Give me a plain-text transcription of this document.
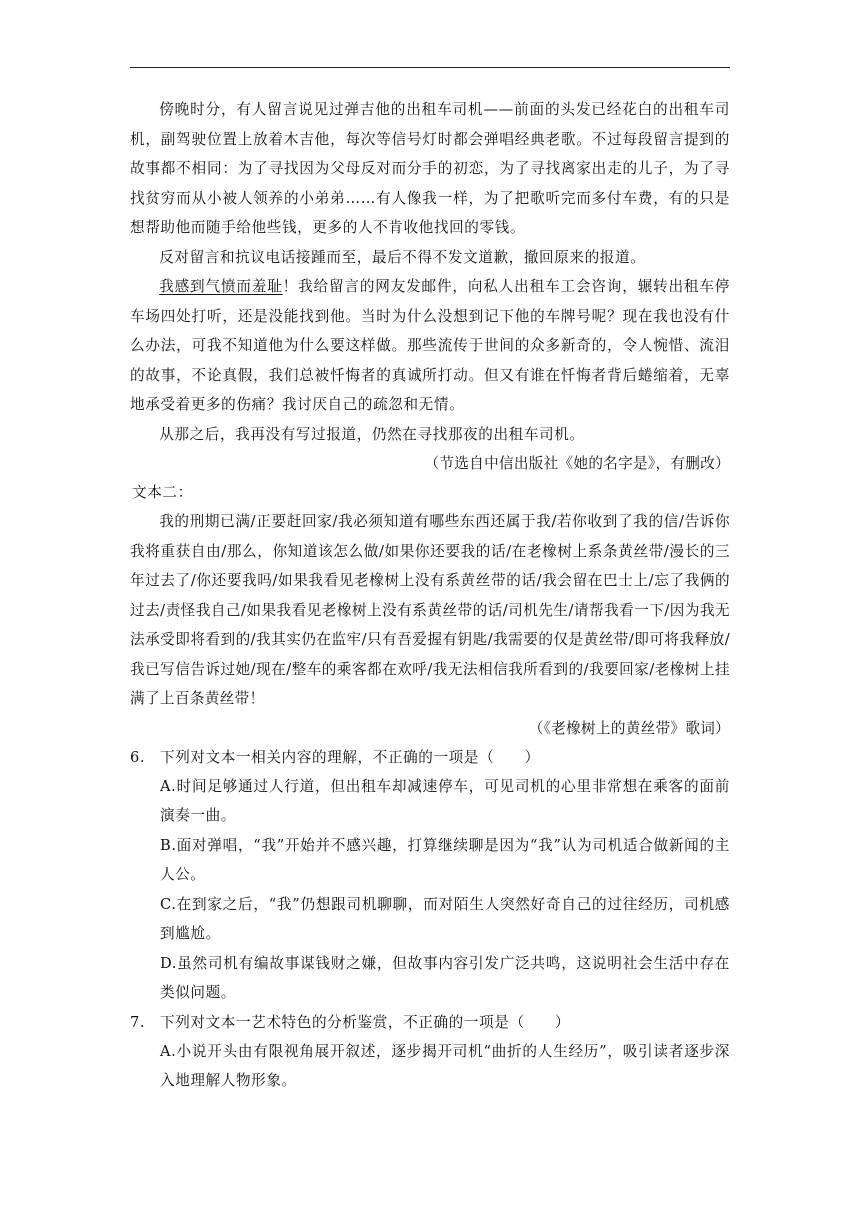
傍晚时分，有人留言说见过弹吉他的出租车司机——前面的头发已经花白的出租车司机，副驾驶位置上放着木吉他，每次等信号灯时都会弹唱经典老歌。不过每段留言提到的故事都不相同：为了寻找因为父母反对而分手的初恋，为了寻找离家出走的儿子，为了寻找贫穷而从小被人领养的小弟弟……有人像我一样，为了把歌听完而多付车费，有的只是想帮助他而随手给他些钱，更多的人不肯收他找回的零钱。

反对留言和抗议电话接踵而至，最后不得不发文道歉，撤回原来的报道。

我感到气愤而羞耻！我给留言的网友发邮件，向私人出租车工会咨询，辗转出租车停车场四处打听，还是没能找到他。当时为什么没想到记下他的车牌号呢？现在我也没有什么办法，可我不知道他为什么要这样做。那些流传于世间的众多新奇的，令人惋惜、流泪的故事，不论真假，我们总被忏悔者的真诚所打动。但又有谁在忏悔者背后蜷缩着，无辜地承受着更多的伤痛？我讨厌自己的疏忽和无情。

从那之后，我再没有写过报道，仍然在寻找那夜的出租车司机。

（节选自中信出版社《她的名字是》，有删改）

文本二：

我的刑期已满/正要赶回家/我必须知道有哪些东西还属于我/若你收到了我的信/告诉你我将重获自由/那么，你知道该怎么做/如果你还要我的话/在老橡树上系条黄丝带/漫长的三年过去了/你还要我吗/如果我看见老橡树上没有系黄丝带的话/我会留在巴士上/忘了我俩的过去/责怪我自己/如果我看见老橡树上没有系黄丝带的话/司机先生/请帮我看一下/因为我无法承受即将看到的/我其实仍在监牢/只有吾爱握有钥匙/我需要的仅是黄丝带/即可将我释放/我已写信告诉过她/现在/整车的乘客都在欢呼/我无法相信我所看到的/我要回家/老橡树上挂满了上百条黄丝带！

（《老橡树上的黄丝带》歌词）

6.	下列对文本一相关内容的理解，不正确的一项是（　　）

A.时间足够通过人行道，但出租车却减速停车，可见司机的心里非常想在乘客的面前演奏一曲。

B.面对弹唱，“我”开始并不感兴趣，打算继续聊是因为“我”认为司机适合做新闻的主人公。

C.在到家之后，“我”仍想跟司机聊聊，而对陌生人突然好奇自己的过往经历，司机感到尴尬。

D.虽然司机有编故事谋钱财之嫌，但故事内容引发广泛共鸣，这说明社会生活中存在类似问题。

7.	下列对文本一艺术特色的分析鉴赏，不正确的一项是（　　）

A.小说开头由有限视角展开叙述，逐步揭开司机“曲折的人生经历”，吸引读者逐步深入地理解人物形象。
